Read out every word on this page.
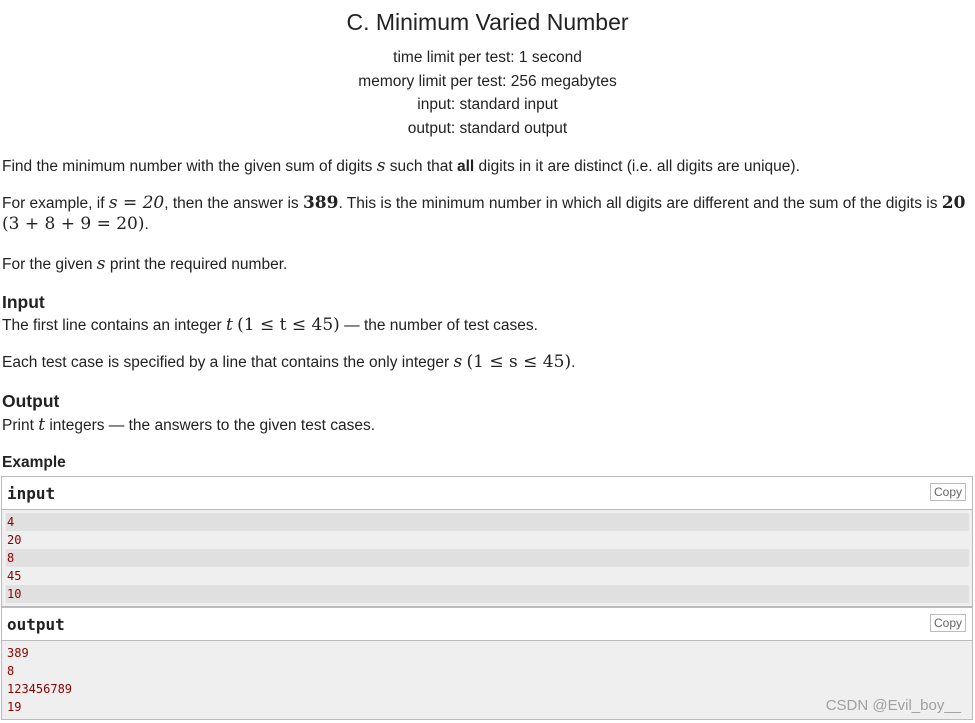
C. Minimum Varied Number
time limit per test: 1 second
memory limit per test: 256 megabytes
input: standard input
output: standard output
Find the minimum number with the given sum of digits s such that all digits in it are distinct (i.e. all digits are unique).
For example, if s = 20, then the answer is 389. This is the minimum number in which all digits are different and the sum of the digits is 20
(3 + 8 + 9 = 20).
For the given s print the required number.
Input
The first line contains an integer t (1 ≤ t ≤ 45) — the number of test cases.
Each test case is specified by a line that contains the only integer s (1 ≤ s ≤ 45).
Output
Print t integers — the answers to the given test cases.
Example
input	Copy
4
20
8
45
10
output	Copy
389
8
123456789
19	CSDN @Evil_boy__
